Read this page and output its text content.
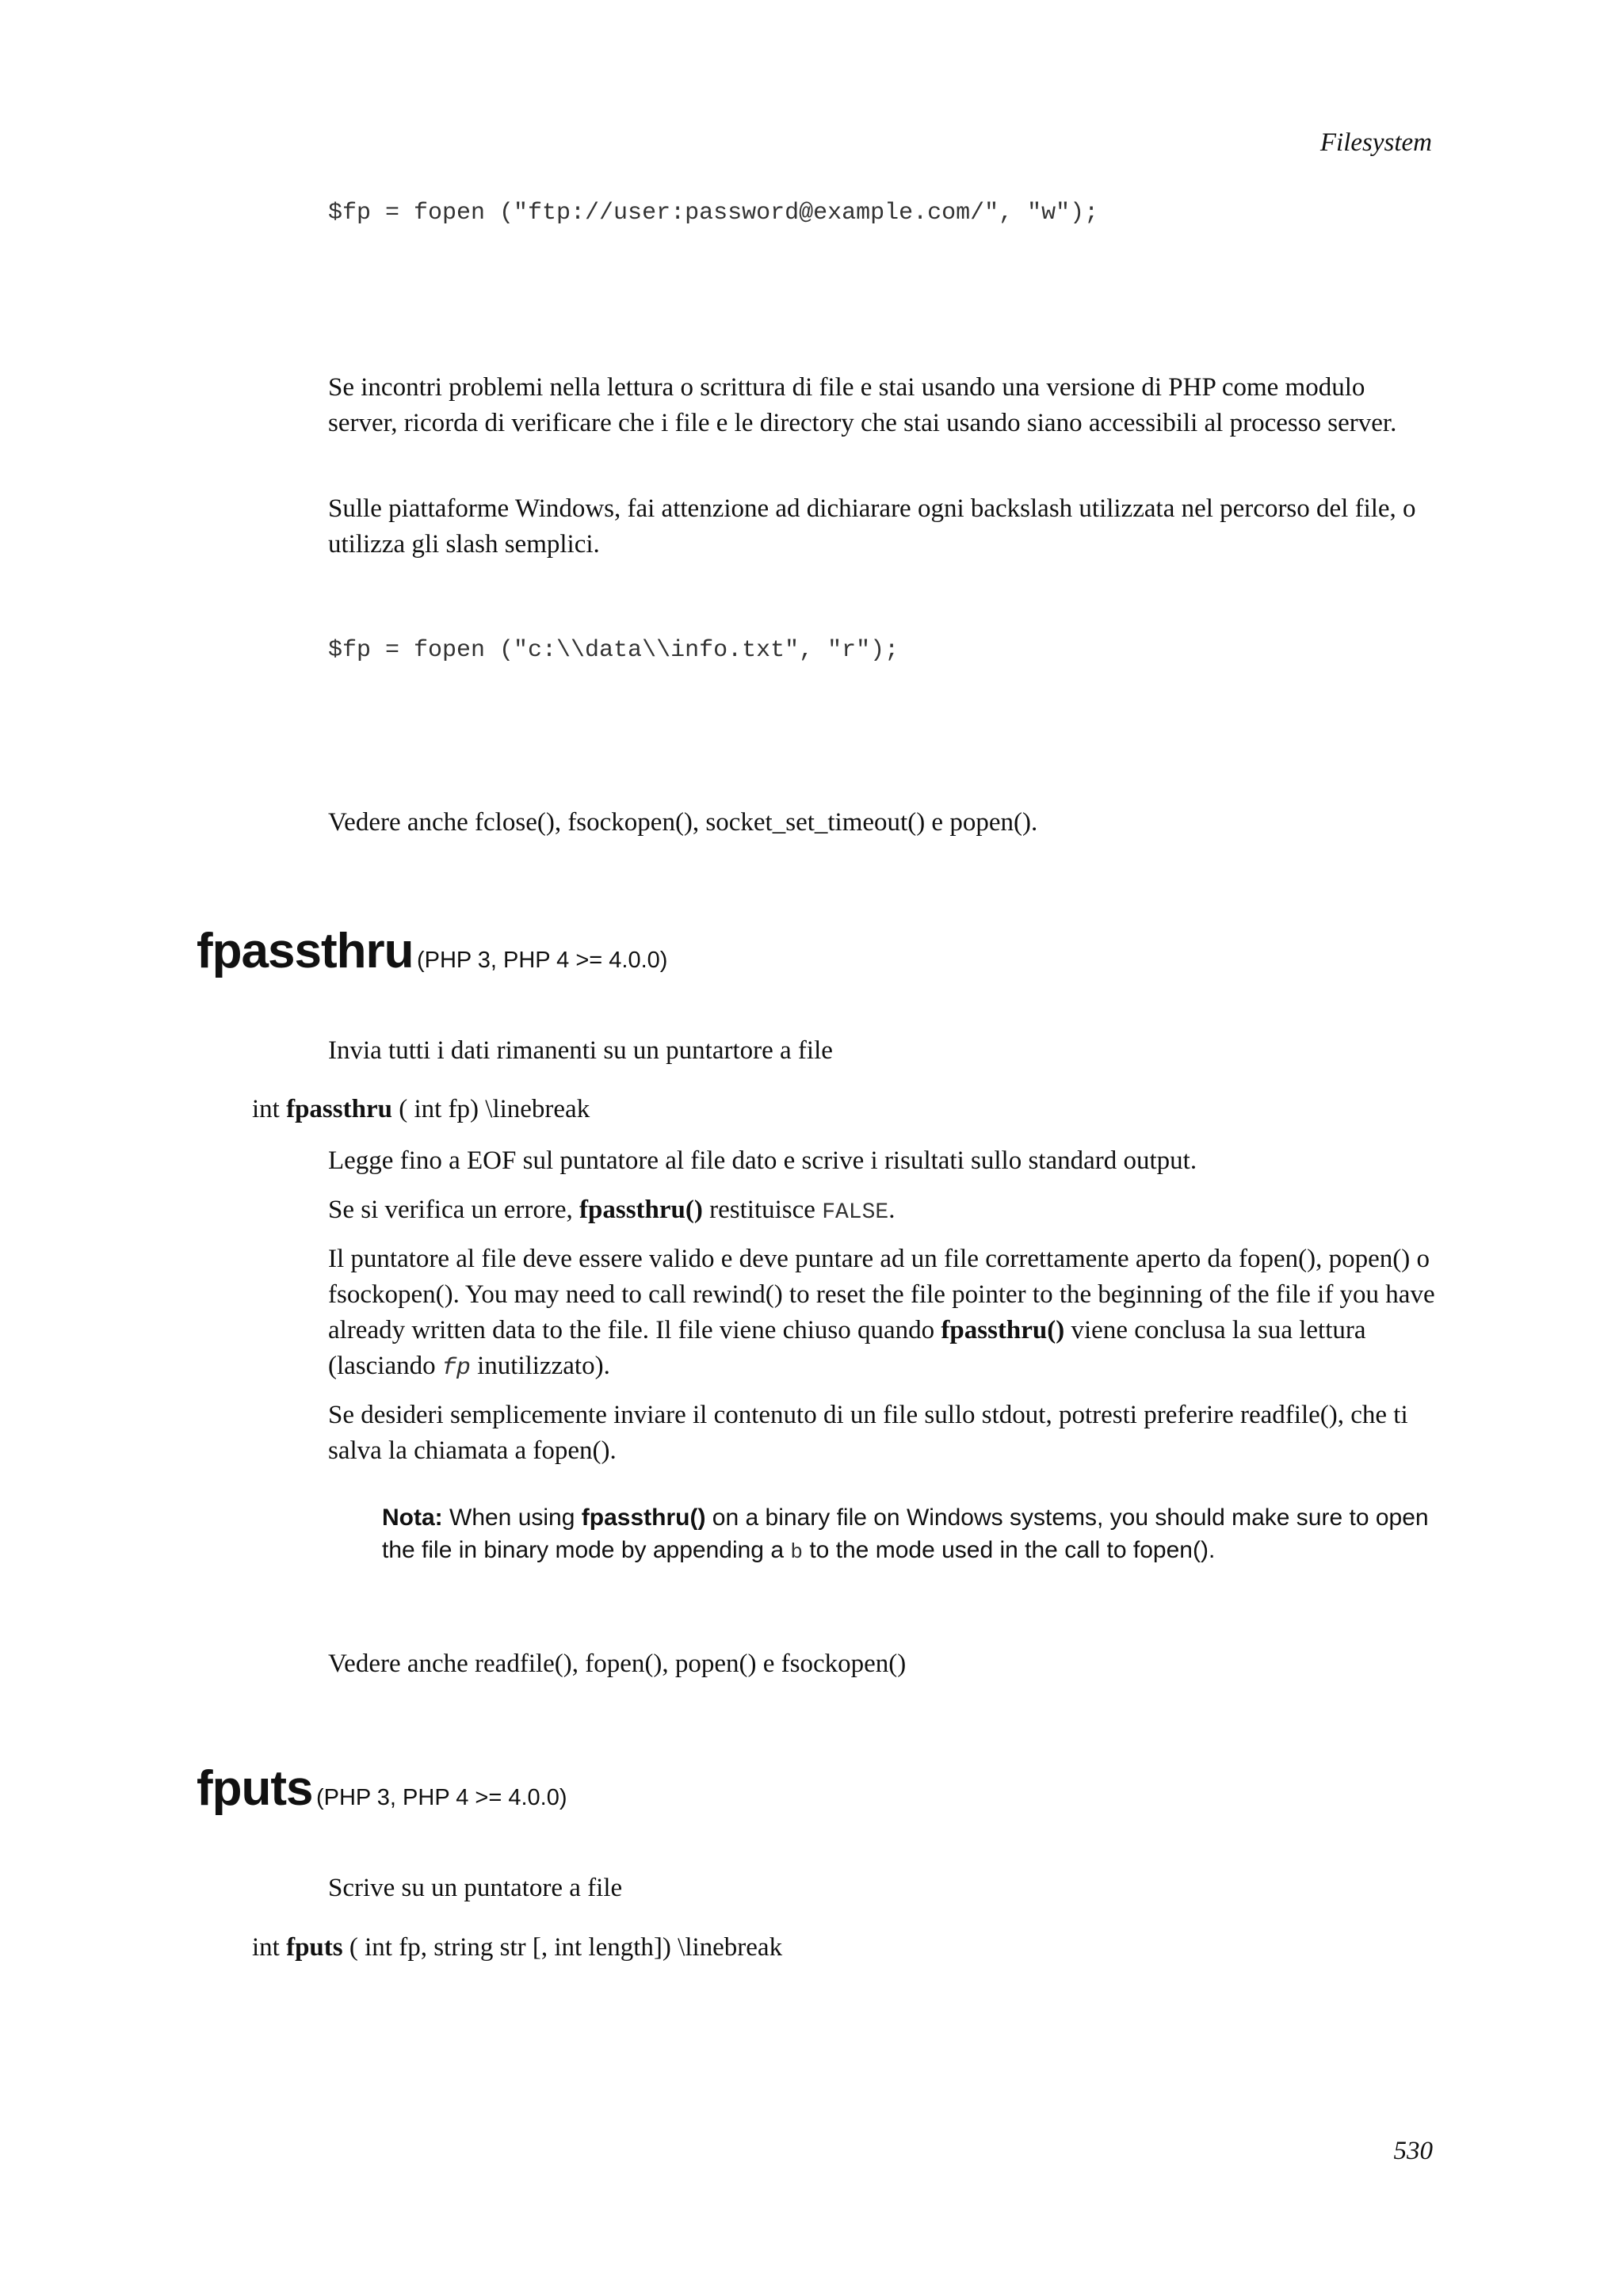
Filesystem
$fp = fopen ("ftp://user:password@example.com/", "w");
Se incontri problemi nella lettura o scrittura di file e stai usando una versione di PHP come modulo server, ricorda di verificare che i file e le directory che stai usando siano accessibili al processo server.
Sulle piattaforme Windows, fai attenzione ad dichiarare ogni backslash utilizzata nel percorso del file, o utilizza gli slash semplici.
$fp = fopen ("c:\\data\\info.txt", "r");
Vedere anche fclose(), fsockopen(), socket_set_timeout() e popen().
fpassthru (PHP 3, PHP 4 >= 4.0.0)
Invia tutti i dati rimanenti su un puntartore a file
int fpassthru ( int fp) \linebreak
Legge fino a EOF sul puntatore al file dato e scrive i risultati sullo standard output.
Se si verifica un errore, fpassthru() restituisce FALSE.
Il puntatore al file deve essere valido e deve puntare ad un file correttamente aperto da fopen(), popen() o fsockopen(). You may need to call rewind() to reset the file pointer to the beginning of the file if you have already written data to the file. Il file viene chiuso quando fpassthru() viene conclusa la sua lettura (lasciando fp inutilizzato).
Se desideri semplicemente inviare il contenuto di un file sullo stdout, potresti preferire readfile(), che ti salva la chiamata a fopen().
Nota: When using fpassthru() on a binary file on Windows systems, you should make sure to open the file in binary mode by appending a b to the mode used in the call to fopen().
Vedere anche readfile(), fopen(), popen() e fsockopen()
fputs (PHP 3, PHP 4 >= 4.0.0)
Scrive su un puntatore a file
int fputs ( int fp, string str [, int length]) \linebreak
530
